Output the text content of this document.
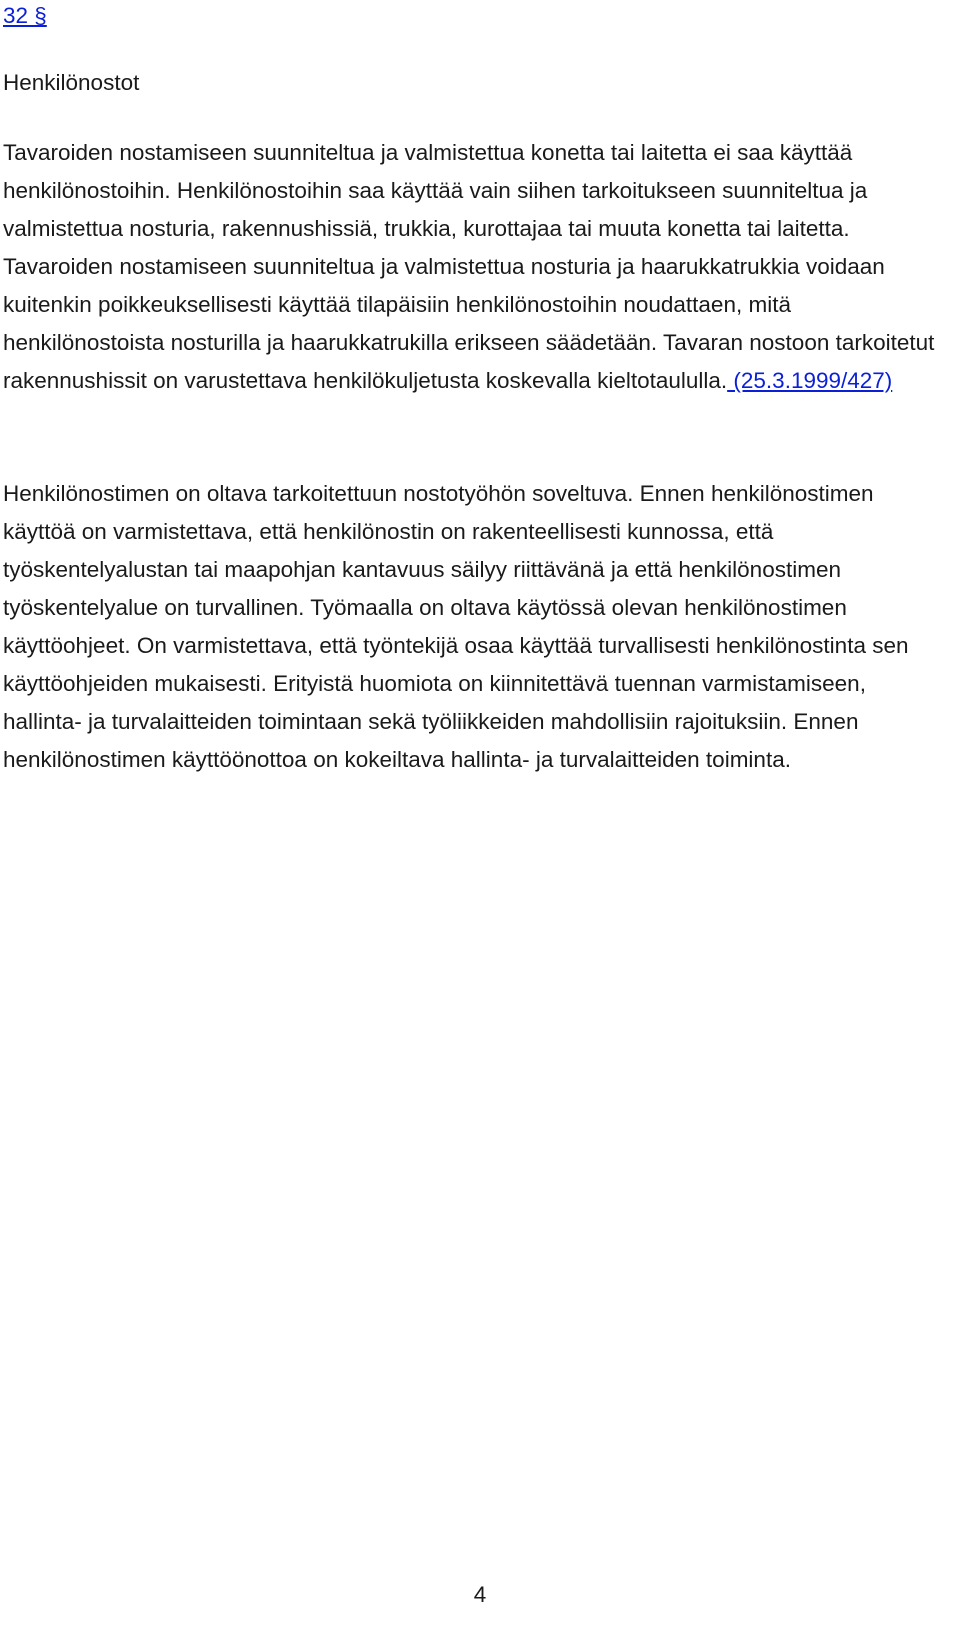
32 §
Henkilönostot

Tavaroiden nostamiseen suunniteltua ja valmistettua konetta tai laitetta ei saa käyttää henkilönostoihin. Henkilönostoihin saa käyttää vain siihen tarkoitukseen suunniteltua ja valmistettua nosturia, rakennushissiä, trukkia, kurottajaa tai muuta konetta tai laitetta. Tavaroiden nostamiseen suunniteltua ja valmistettua nosturia ja haarukkatrukkia voidaan kuitenkin poikkeuksellisesti käyttää tilapäisiin henkilönostoihin noudattaen, mitä henkilönostoista nosturilla ja haarukkatrukilla erikseen säädetään. Tavaran nostoon tarkoitetut rakennushissit on varustettava henkilökuljetusta koskevalla kieltotaululla. (25.3.1999/427)

Henkilönostimen on oltava tarkoitettuun nostotyöhön soveltuva. Ennen henkilönostimen käyttöä on varmistettava, että henkilönostin on rakenteellisesti kunnossa, että työskentelyalustan tai maapohjan kantavuus säilyy riittävänä ja että henkilönostimen työskentelyalue on turvallinen. Työmaalla on oltava käytössä olevan henkilönostimen käyttöohjeet. On varmistettava, että työntekijä osaa käyttää turvallisesti henkilönostinta sen käyttöohjeiden mukaisesti. Erityistä huomiota on kiinnitettävä tuennan varmistamiseen, hallinta- ja turvalaitteiden toimintaan sekä työliikkeiden mahdollisiin rajoituksiin. Ennen henkilönostimen käyttöönottoa on kokeiltava hallinta- ja turvalaitteiden toiminta.

4
